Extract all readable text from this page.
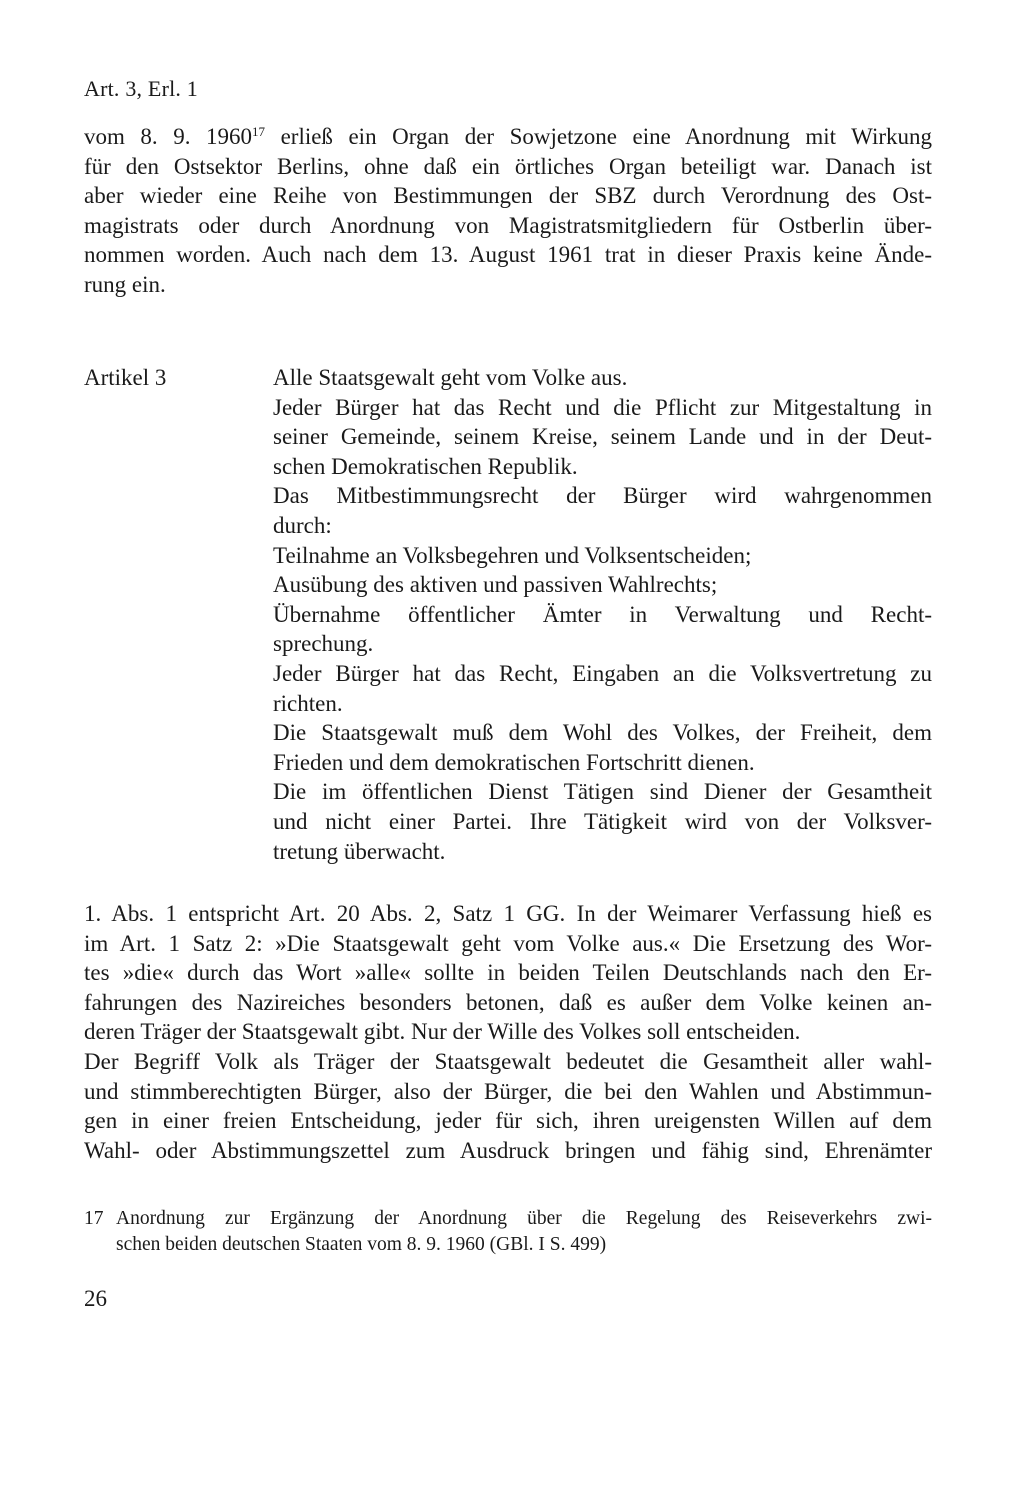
Art. 3, Erl. 1
vom 8. 9. 1960$^{17}$ erließ ein Organ der Sowjetzone eine Anordnung mit Wirkung
für den Ostsektor Berlins, ohne daß ein örtliches Organ beteiligt war. Danach ist
aber wieder eine Reihe von Bestimmungen der SBZ durch Verordnung des Ost-
magistrats oder durch Anordnung von Magistratsmitgliedern für Ostberlin über-
nommen worden. Auch nach dem 13. August 1961 trat in dieser Praxis keine Ände-
rung ein.
Artikel 3	Alle Staatsgewalt geht vom Volke aus.
Jeder Bürger hat das Recht und die Pflicht zur Mitgestaltung in
seiner Gemeinde, seinem Kreise, seinem Lande und in der Deut-
schen Demokratischen Republik.
Das Mitbestimmungsrecht der Bürger wird wahrgenommen
durch:
Teilnahme an Volksbegehren und Volksentscheiden;
Ausübung des aktiven und passiven Wahlrechts;
Übernahme öffentlicher Ämter in Verwaltung und Recht-
sprechung.
Jeder Bürger hat das Recht, Eingaben an die Volksvertretung zu
richten.
Die Staatsgewalt muß dem Wohl des Volkes, der Freiheit, dem
Frieden und dem demokratischen Fortschritt dienen.
Die im öffentlichen Dienst Tätigen sind Diener der Gesamtheit
und nicht einer Partei. Ihre Tätigkeit wird von der Volksver-
tretung überwacht.
1. Abs. 1 entspricht Art. 20 Abs. 2, Satz 1 GG. In der Weimarer Verfassung hieß es
im Art. 1 Satz 2: »Die Staatsgewalt geht vom Volke aus.« Die Ersetzung des Wor-
tes »die« durch das Wort »alle« sollte in beiden Teilen Deutschlands nach den Er-
fahrungen des Nazireiches besonders betonen, daß es außer dem Volke keinen an-
deren Träger der Staatsgewalt gibt. Nur der Wille des Volkes soll entscheiden.
Der Begriff Volk als Träger der Staatsgewalt bedeutet die Gesamtheit aller wahl-
und stimmberechtigten Bürger, also der Bürger, die bei den Wahlen und Abstimmun-
gen in einer freien Entscheidung, jeder für sich, ihren ureigensten Willen auf dem
Wahl- oder Abstimmungszettel zum Ausdruck bringen und fähig sind, Ehrenämter
17 Anordnung zur Ergänzung der Anordnung über die Regelung des Reiseverkehrs zwi-
schen beiden deutschen Staaten vom 8. 9. 1960 (GBl. I S. 499)
26
